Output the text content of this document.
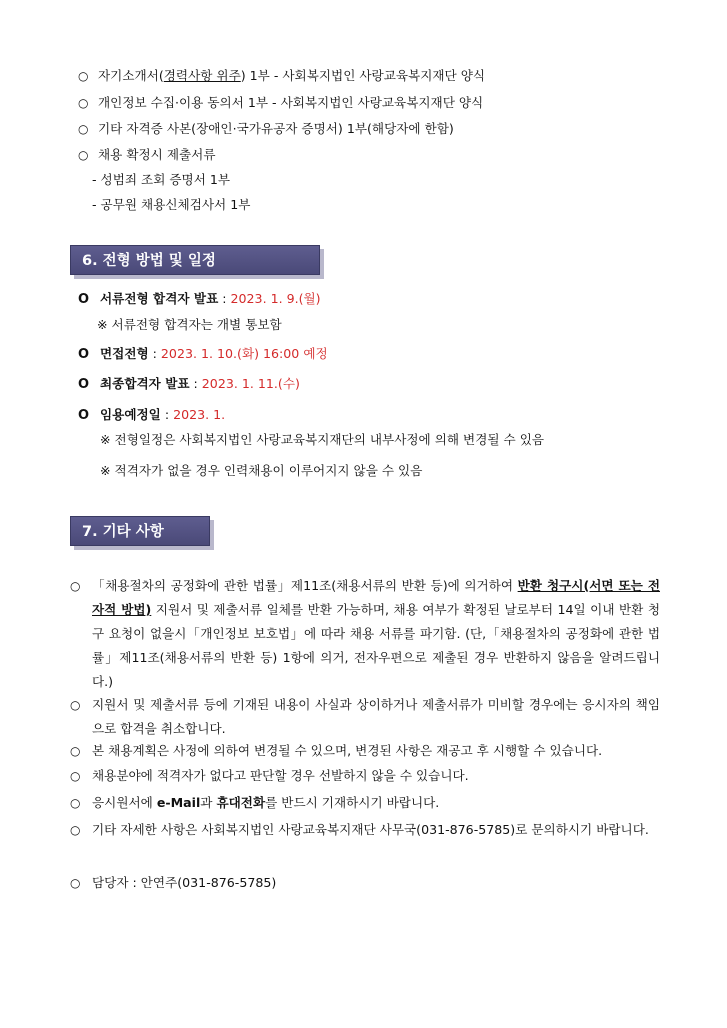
○ 자기소개서(경력사항 위주) 1부 - 사회복지법인 사랑교육복지재단 양식
○ 개인정보 수집·이용 동의서 1부 - 사회복지법인 사랑교육복지재단 양식
○ 기타 자격증 사본(장애인·국가유공자 증명서) 1부(해당자에 한함)
○ 채용 확정시 제출서류
- 성범죄 조회 증명서 1부
- 공무원 채용신체검사서 1부
6. 전형 방법 및 일정
O 서류전형 합격자 발표 : 2023. 1. 9.(월)
※ 서류전형 합격자는 개별 통보함
O 면접전형 : 2023. 1. 10.(화) 16:00 예정
O 최종합격자 발표 : 2023. 1. 11.(수)
O 임용예정일 : 2023. 1.
※ 전형일정은 사회복지법인 사랑교육복지재단의 내부사정에 의해 변경될 수 있음
※ 적격자가 없을 경우 인력채용이 이루어지지 않을 수 있음
7. 기타 사항
○ 「채용절차의 공정화에 관한 법률」제11조(채용서류의 반환 등)에 의거하여 반환 청구시(서면 또는 전자적 방법) 지원서 및 제출서류 일체를 반환 가능하며, 채용 여부가 확정된 날로부터 14일 이내 반환 청구 요청이 없을시「개인정보 보호법」에 따라 채용 서류를 파기함. (단,「채용절차의 공정화에 관한 법률」제11조(채용서류의 반환 등) 1항에 의거, 전자우편으로 제출된 경우 반환하지 않음을 알려드립니다.)
○ 지원서 및 제출서류 등에 기재된 내용이 사실과 상이하거나 제출서류가 미비할 경우에는 응시자의 책임으로 합격을 취소합니다.
○ 본 채용계획은 사정에 의하여 변경될 수 있으며, 변경된 사항은 재공고 후 시행할 수 있습니다.
○ 채용분야에 적격자가 없다고 판단할 경우 선발하지 않을 수 있습니다.
○ 응시원서에 e-Mail과 휴대전화를 반드시 기재하시기 바랍니다.
○ 기타 자세한 사항은 사회복지법인 사랑교육복지재단 사무국(031-876-5785)로 문의하시기 바랍니다.
○ 담당자 : 안연주(031-876-5785)
